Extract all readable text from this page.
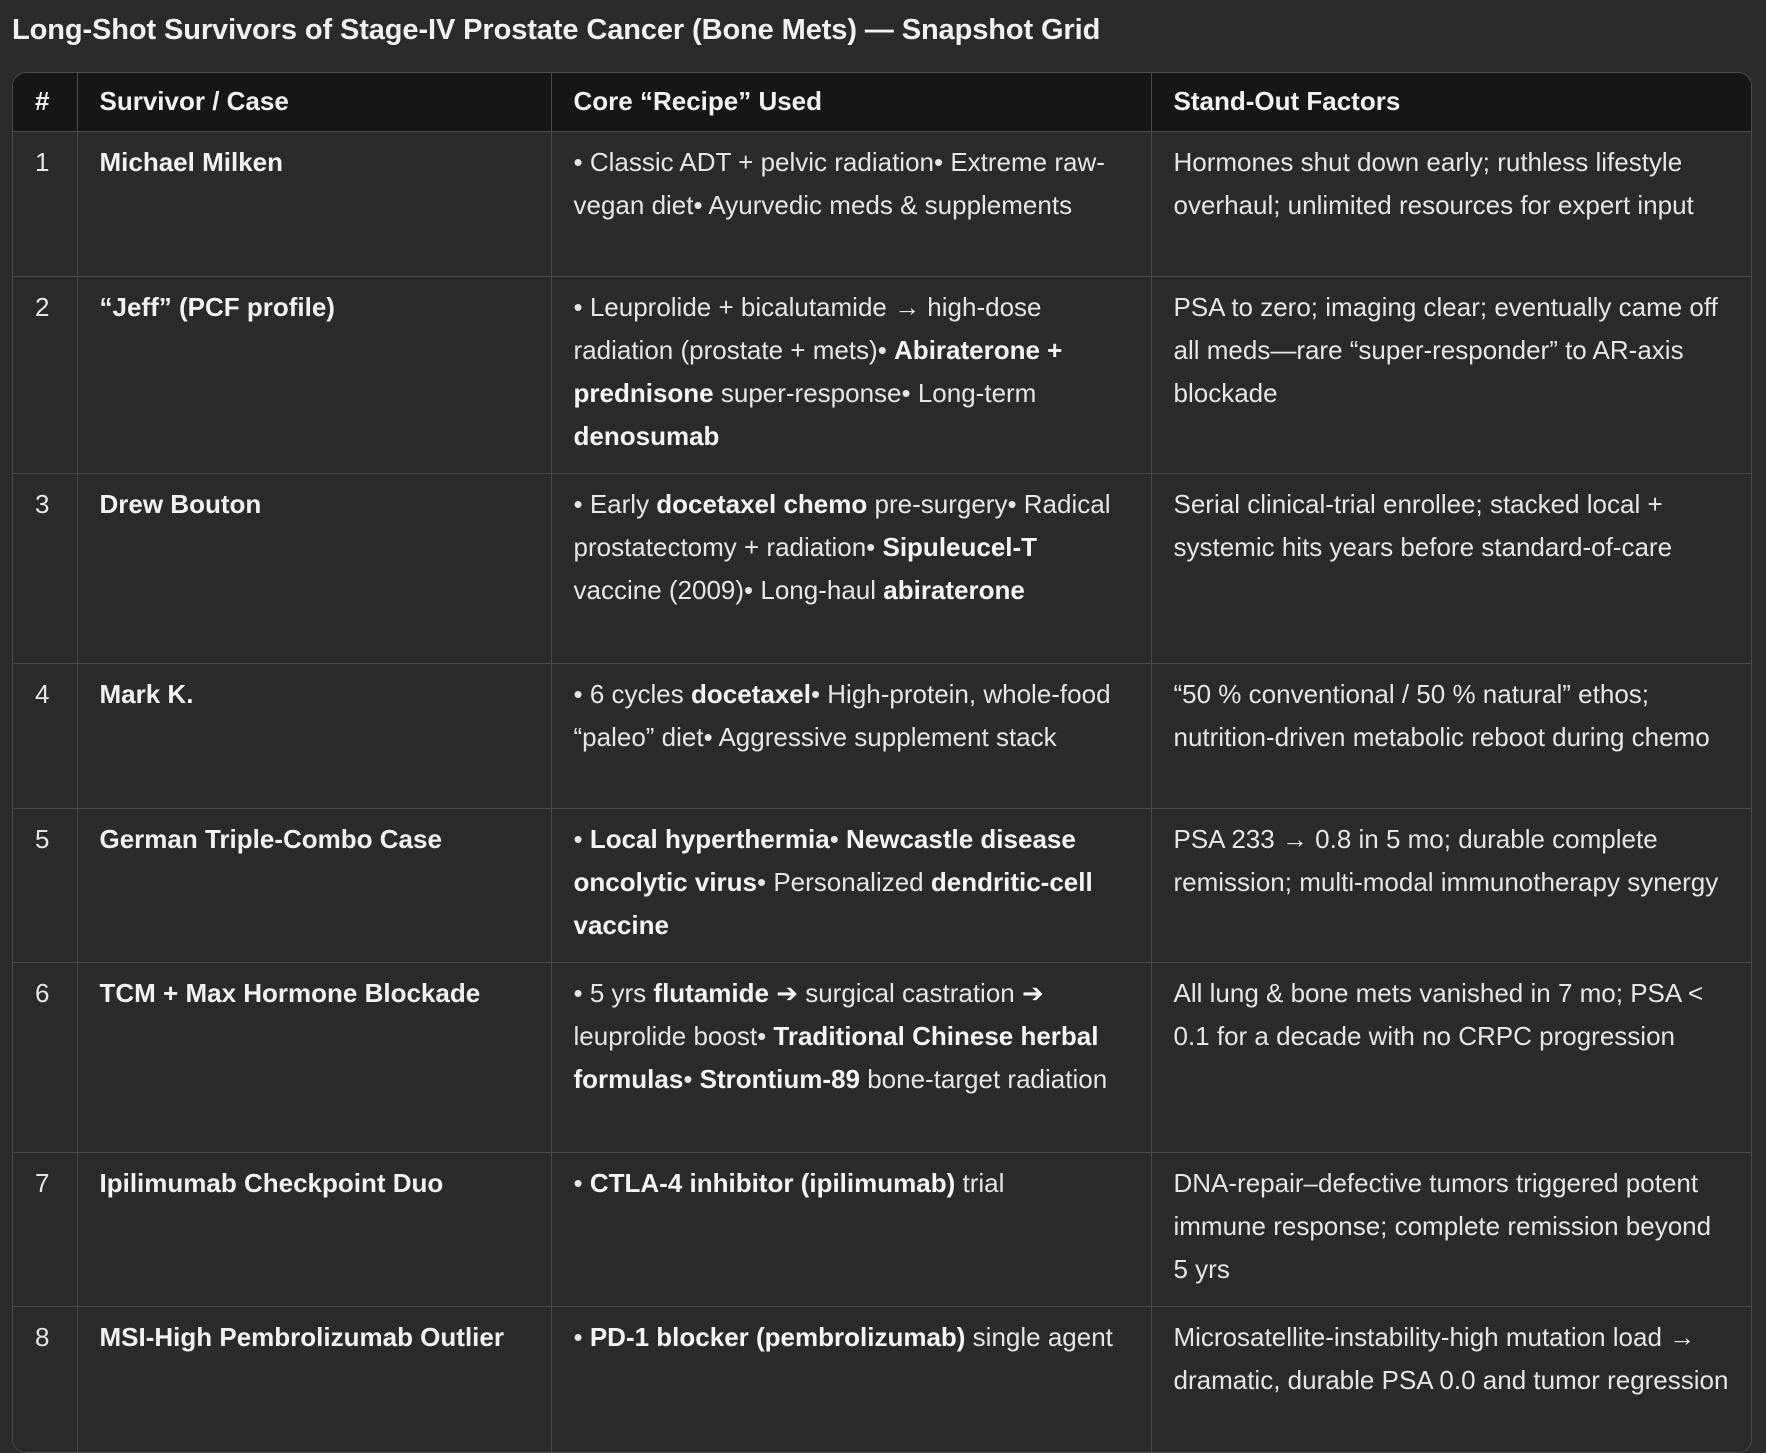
Long-Shot Survivors of Stage-IV Prostate Cancer (Bone Mets) — Snapshot Grid
#	Survivor / Case	Core “Recipe” Used	Stand-Out Factors
1	Michael Milken	• Classic ADT + pelvic radiation• Extreme raw-vegan diet• Ayurvedic meds & supplements	Hormones shut down early; ruthless lifestyle overhaul; unlimited resources for expert input
2	“Jeff” (PCF profile)	• Leuprolide + bicalutamide → high-dose radiation (prostate + mets)• Abiraterone + prednisone super-response• Long-term denosumab	PSA to zero; imaging clear; eventually came off all meds—rare “super-responder” to AR-axis blockade
3	Drew Bouton	• Early docetaxel chemo pre-surgery• Radical prostatectomy + radiation• Sipuleucel-T vaccine (2009)• Long-haul abiraterone	Serial clinical-trial enrollee; stacked local + systemic hits years before standard-of-care
4	Mark K.	• 6 cycles docetaxel• High-protein, whole-food “paleo” diet• Aggressive supplement stack	“50 % conventional / 50 % natural” ethos; nutrition-driven metabolic reboot during chemo
5	German Triple-Combo Case	• Local hyperthermia• Newcastle disease oncolytic virus• Personalized dendritic-cell vaccine	PSA 233 → 0.8 in 5 mo; durable complete remission; multi-modal immunotherapy synergy
6	TCM + Max Hormone Blockade	• 5 yrs flutamide ➔ surgical castration ➔ leuprolide boost• Traditional Chinese herbal formulas• Strontium-89 bone-target radiation	All lung & bone mets vanished in 7 mo; PSA < 0.1 for a decade with no CRPC progression
7	Ipilimumab Checkpoint Duo	• CTLA-4 inhibitor (ipilimumab) trial	DNA-repair–defective tumors triggered potent immune response; complete remission beyond 5 yrs
8	MSI-High Pembrolizumab Outlier	• PD-1 blocker (pembrolizumab) single agent	Microsatellite-instability-high mutation load → dramatic, durable PSA 0.0 and tumor regression
